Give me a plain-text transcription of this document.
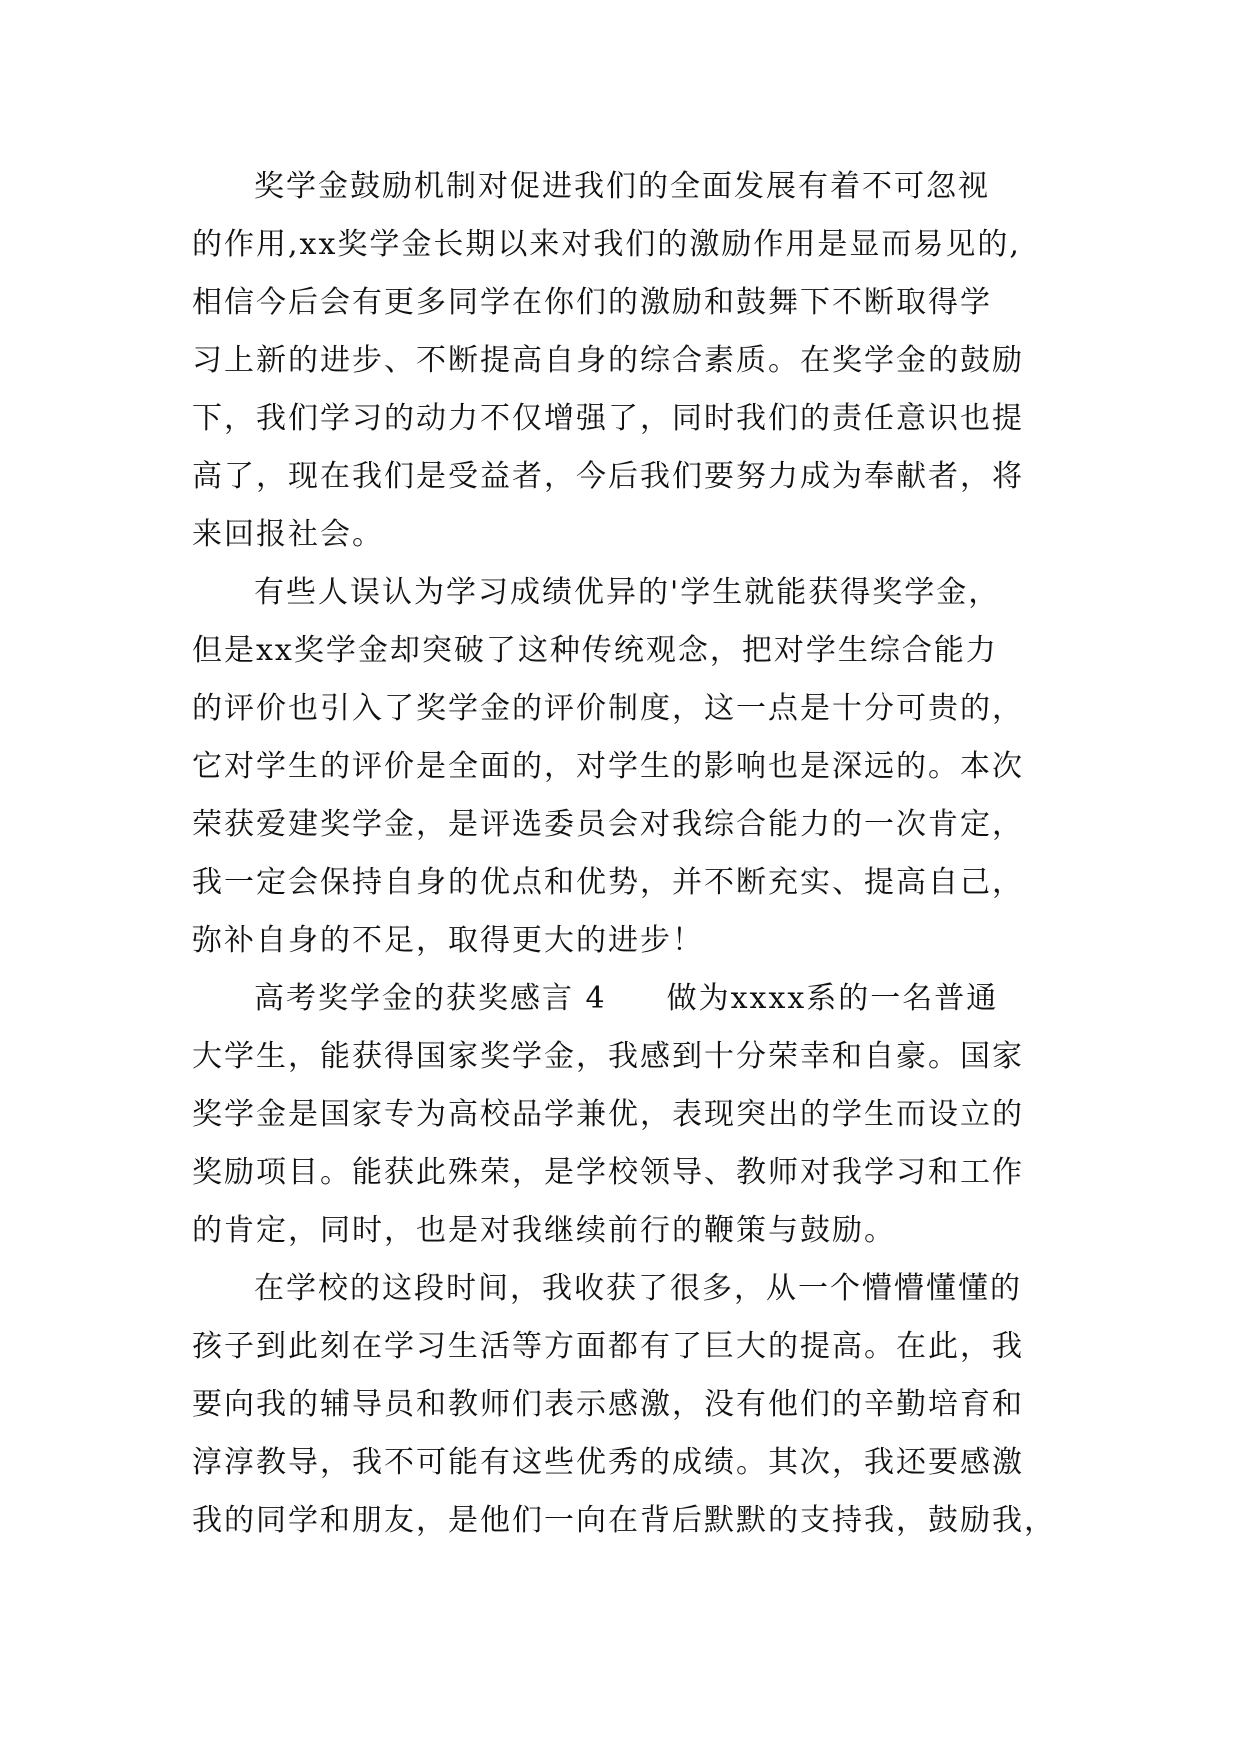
奖学金鼓励机制对促进我们的全面发展有着不可忽视
的作用,xx奖学金长期以来对我们的激励作用是显而易见的,
相信今后会有更多同学在你们的激励和鼓舞下不断取得学
习上新的进步、不断提高自身的综合素质。在奖学金的鼓励
下，我们学习的动力不仅增强了，同时我们的责任意识也提
高了，现在我们是受益者，今后我们要努力成为奉献者，将
来回报社会。
有些人误认为学习成绩优异的'学生就能获得奖学金，
但是xx奖学金却突破了这种传统观念，把对学生综合能力
的评价也引入了奖学金的评价制度，这一点是十分可贵的，
它对学生的评价是全面的，对学生的影响也是深远的。本次
荣获爱建奖学金，是评选委员会对我综合能力的一次肯定，
我一定会保持自身的优点和优势，并不断充实、提高自己，
弥补自身的不足，取得更大的进步！
高考奖学金的获奖感言 4 做为xxxx系的一名普通
大学生，能获得国家奖学金，我感到十分荣幸和自豪。国家
奖学金是国家专为高校品学兼优，表现突出的学生而设立的
奖励项目。能获此殊荣，是学校领导、教师对我学习和工作
的肯定，同时，也是对我继续前行的鞭策与鼓励。
在学校的这段时间，我收获了很多，从一个懵懵懂懂的
孩子到此刻在学习生活等方面都有了巨大的提高。在此，我
要向我的辅导员和教师们表示感激，没有他们的辛勤培育和
淳淳教导，我不可能有这些优秀的成绩。其次，我还要感激
我的同学和朋友，是他们一向在背后默默的支持我，鼓励我，
